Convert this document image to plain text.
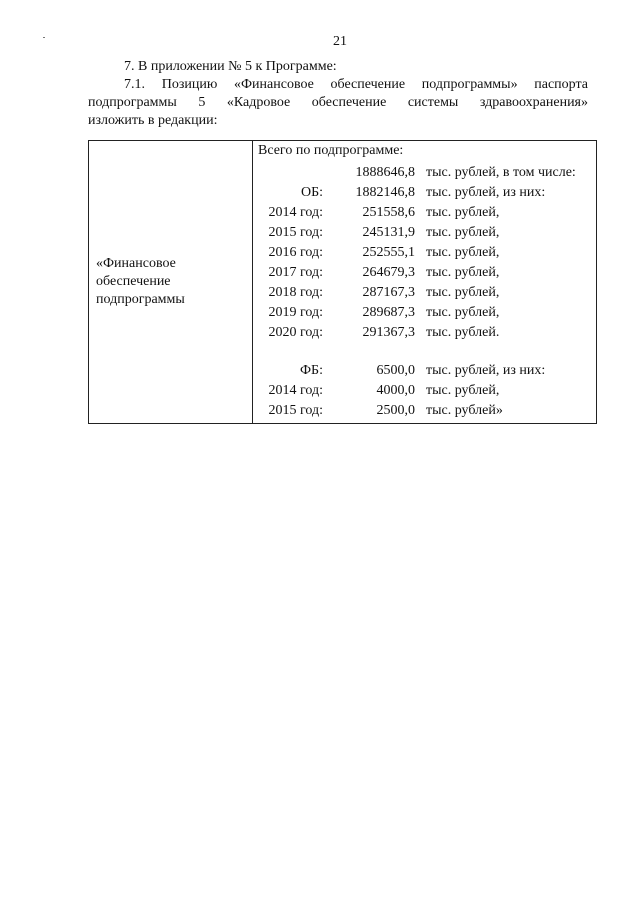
21
7. В приложении № 5 к Программе:
7.1. Позицию «Финансовое обеспечение подпрограммы» паспорта
подпрограммы 5 «Кадровое обеспечение системы здравоохранения»
изложить в редакции:
«Финансовое
обеспечение
подпрограммы
Всего по подпрограмме:
1888646,8 тыс. рублей, в том числе:
ОБ: 1882146,8 тыс. рублей, из них:
2014 год:	251558,6 тыс. рублей,
2015 год:	245131,9 тыс. рублей,
2016 год:	252555,1 тыс. рублей,
2017 год:	264679,3 тыс. рублей,
2018 год:	287167,3 тыс. рублей,
2019 год:	289687,3 тыс. рублей,
2020 год:	291367,3 тыс. рублей.
ФБ:	6500,0 тыс. рублей, из них:
2014 год:	4000,0 тыс. рублей,
2015 год:	2500,0 тыс. рублей»
